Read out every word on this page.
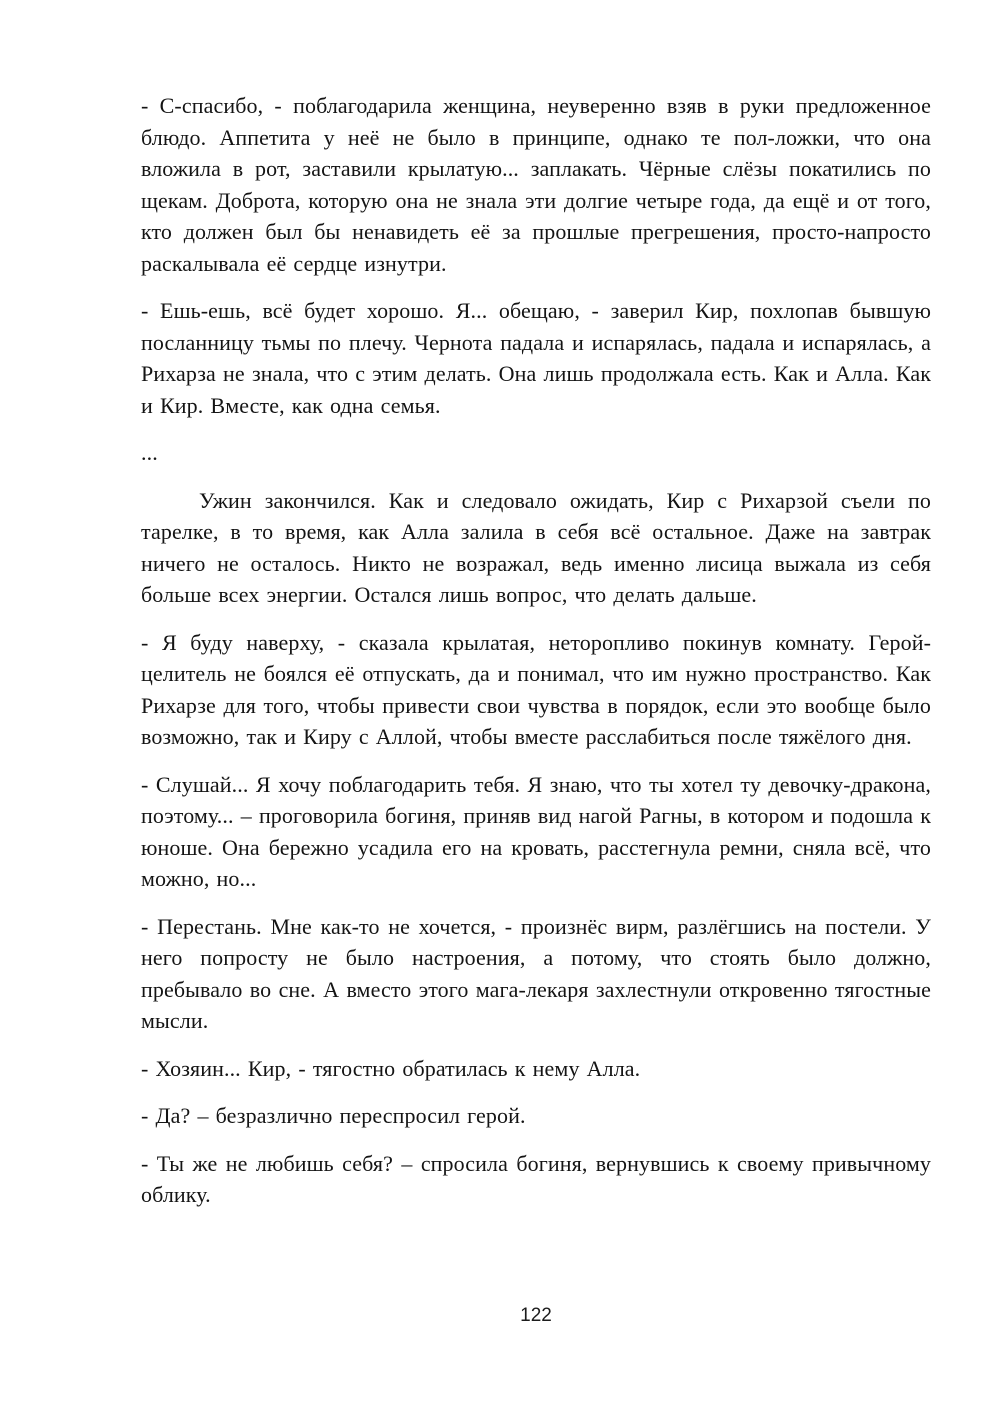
- С-спасибо, - поблагодарила женщина, неуверенно взяв в руки предложенное блюдо. Аппетита у неё не было в принципе, однако те пол-ложки, что она вложила в рот, заставили крылатую... заплакать. Чёрные слёзы покатились по щекам. Доброта, которую она не знала эти долгие четыре года, да ещё и от того, кто должен был бы ненавидеть её за прошлые прегрешения, просто-напросто раскалывала её сердце изнутри.

- Ешь-ешь, всё будет хорошо. Я... обещаю, - заверил Кир, похлопав бывшую посланницу тьмы по плечу. Чернота падала и испарялась, падала и испарялась, а Рихарза не знала, что с этим делать. Она лишь продолжала есть. Как и Алла. Как и Кир. Вместе, как одна семья.

...

Ужин закончился. Как и следовало ожидать, Кир с Рихарзой съели по тарелке, в то время, как Алла залила в себя всё остальное. Даже на завтрак ничего не осталось. Никто не возражал, ведь именно лисица выжала из себя больше всех энергии. Остался лишь вопрос, что делать дальше.

- Я буду наверху, - сказала крылатая, неторопливо покинув комнату. Герой-целитель не боялся её отпускать, да и понимал, что им нужно пространство. Как Рихарзе для того, чтобы привести свои чувства в порядок, если это вообще было возможно, так и Киру с Аллой, чтобы вместе расслабиться после тяжёлого дня.

- Слушай... Я хочу поблагодарить тебя. Я знаю, что ты хотел ту девочку-дракона, поэтому... – проговорила богиня, приняв вид нагой Рагны, в котором и подошла к юноше. Она бережно усадила его на кровать, расстегнула ремни, сняла всё, что можно, но...

- Перестань. Мне как-то не хочется, - произнёс вирм, разлёгшись на постели. У него попросту не было настроения, а потому, что стоять было должно, пребывало во сне. А вместо этого мага-лекаря захлестнули откровенно тягостные мысли.

- Хозяин... Кир, - тягостно обратилась к нему Алла.

- Да? – безразлично переспросил герой.

- Ты же не любишь себя? – спросила богиня, вернувшись к своему привычному облику.

122
